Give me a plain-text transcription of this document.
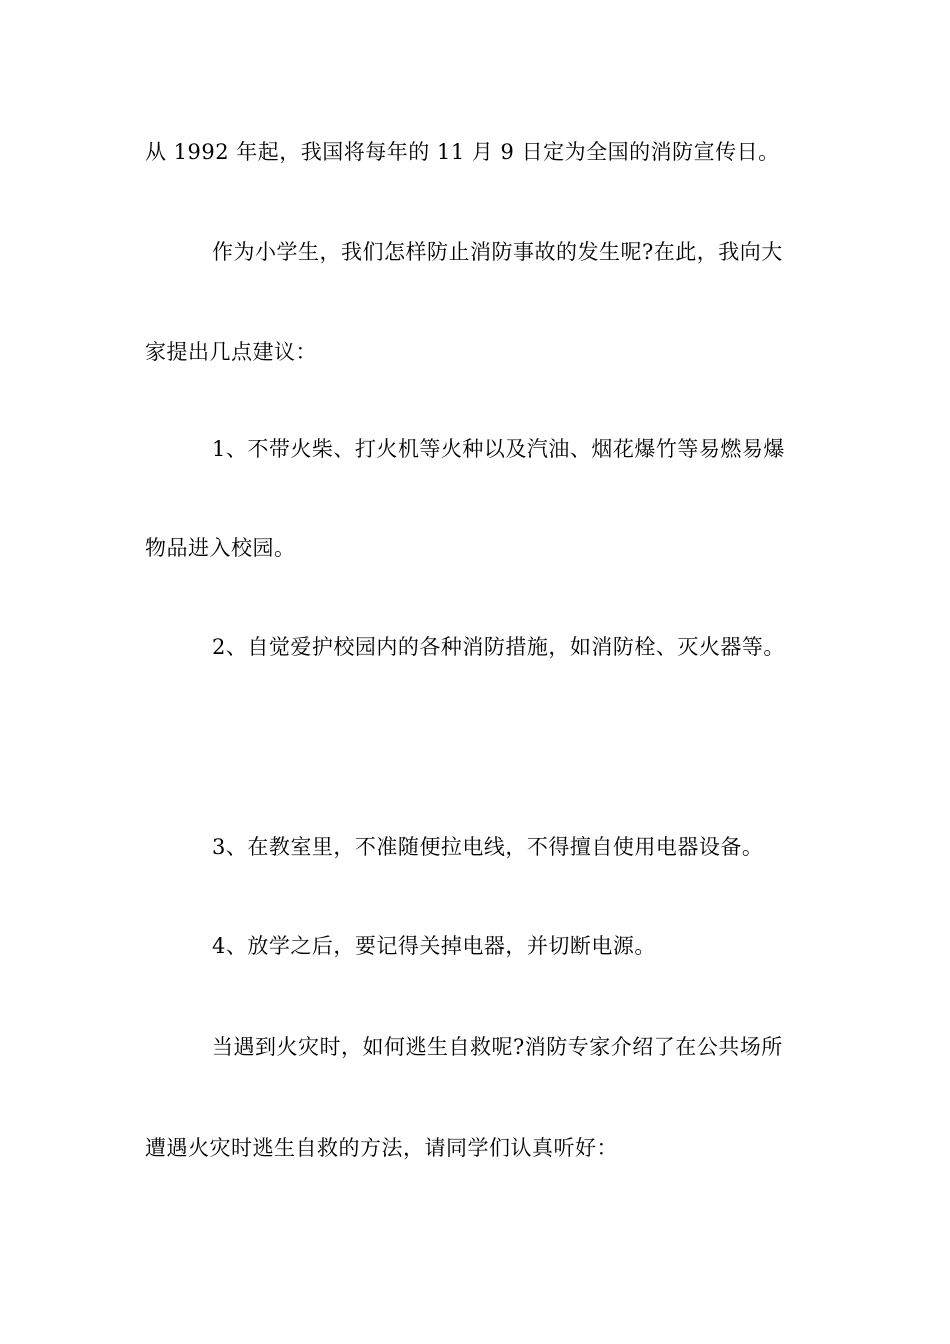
从 1992 年起，我国将每年的 11 月 9 日定为全国的消防宣传日。
作为小学生，我们怎样防止消防事故的发生呢?在此，我向大
家提出几点建议：
1、不带火柴、打火机等火种以及汽油、烟花爆竹等易燃易爆
物品进入校园。
2、自觉爱护校园内的各种消防措施，如消防栓、灭火器等。
3、在教室里，不准随便拉电线，不得擅自使用电器设备。
4、放学之后，要记得关掉电器，并切断电源。
当遇到火灾时，如何逃生自救呢?消防专家介绍了在公共场所
遭遇火灾时逃生自救的方法，请同学们认真听好：
